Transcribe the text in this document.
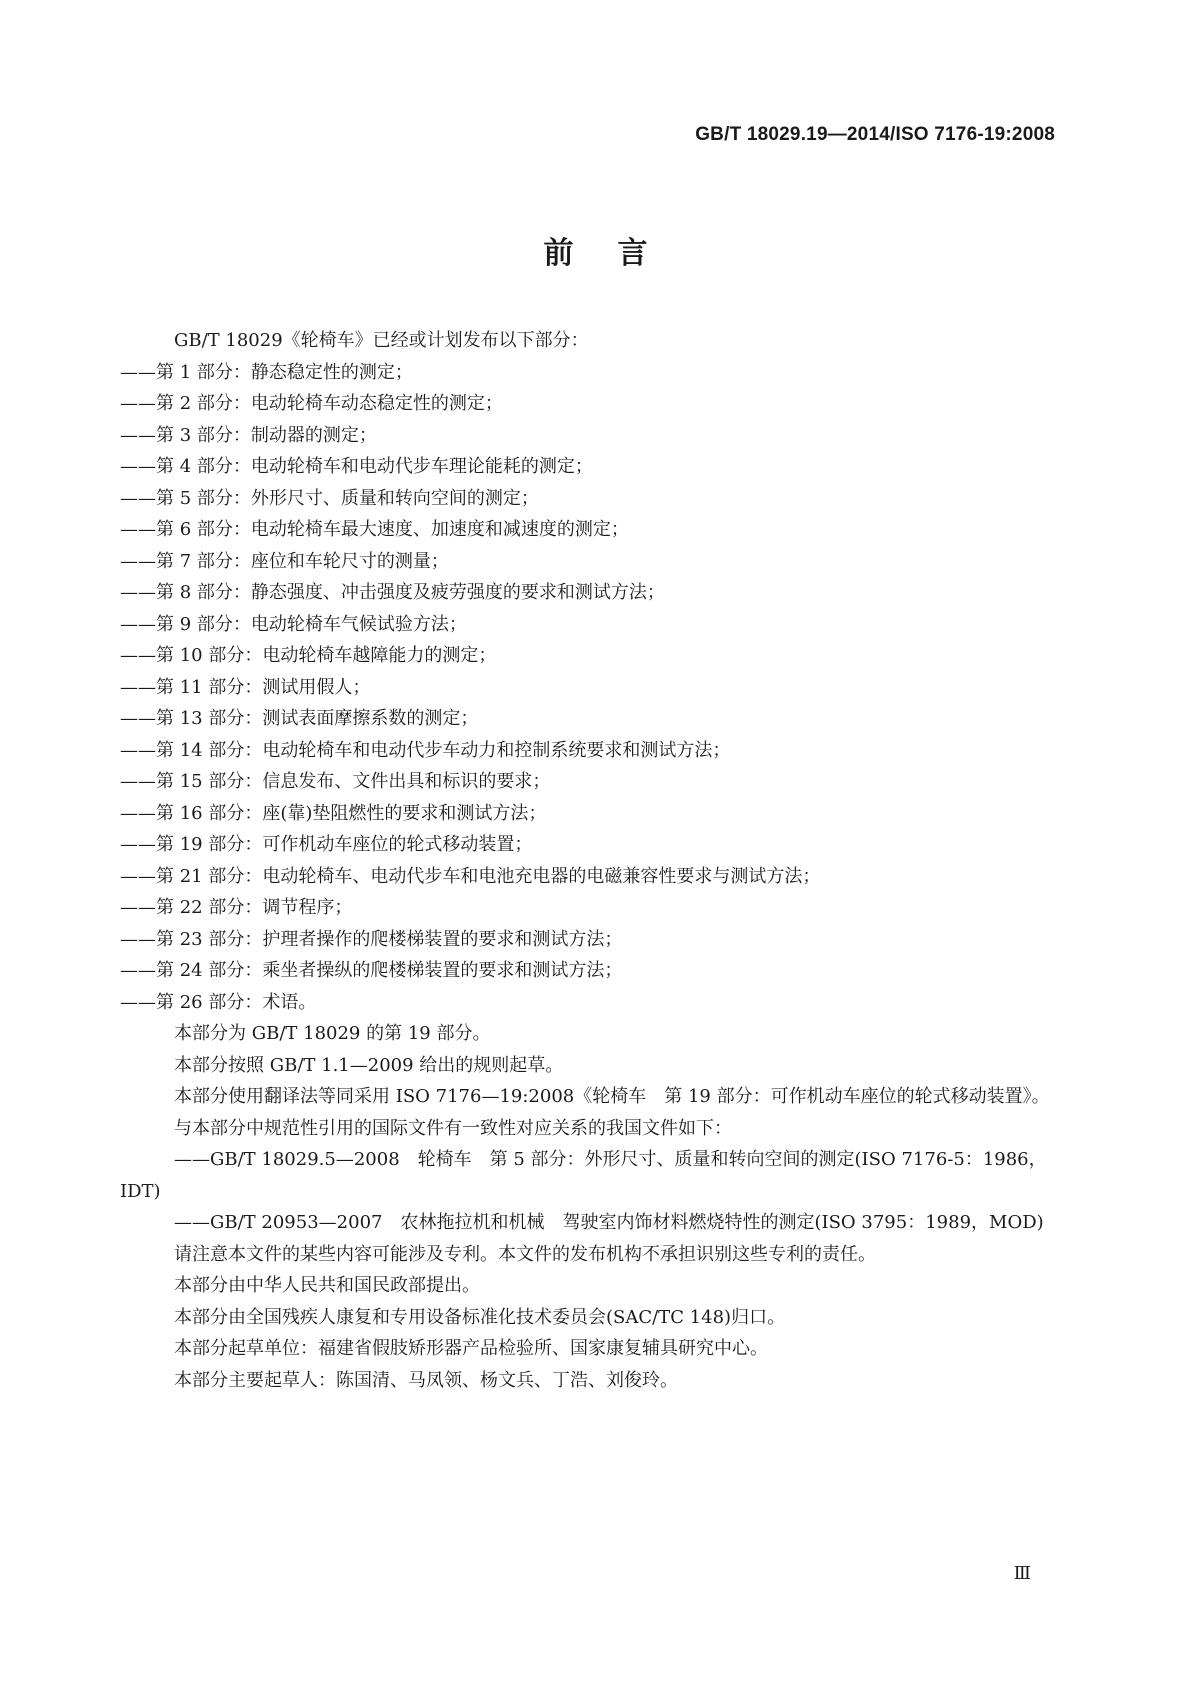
GB/T 18029.19—2014/ISO 7176-19:2008
前言

GB/T 18029《轮椅车》已经或计划发布以下部分：

——第 1 部分：静态稳定性的测定；

——第 2 部分：电动轮椅车动态稳定性的测定；

——第 3 部分：制动器的测定；

——第 4 部分：电动轮椅车和电动代步车理论能耗的测定；

——第 5 部分：外形尺寸、质量和转向空间的测定；

——第 6 部分：电动轮椅车最大速度、加速度和减速度的测定；

——第 7 部分：座位和车轮尺寸的测量；

——第 8 部分：静态强度、冲击强度及疲劳强度的要求和测试方法；

——第 9 部分：电动轮椅车气候试验方法；

——第 10 部分：电动轮椅车越障能力的测定；

——第 11 部分：测试用假人；

——第 13 部分：测试表面摩擦系数的测定；

——第 14 部分：电动轮椅车和电动代步车动力和控制系统要求和测试方法；

——第 15 部分：信息发布、文件出具和标识的要求；

——第 16 部分：座(靠)垫阻燃性的要求和测试方法；

——第 19 部分：可作机动车座位的轮式移动装置；

——第 21 部分：电动轮椅车、电动代步车和电池充电器的电磁兼容性要求与测试方法；

——第 22 部分：调节程序；

——第 23 部分：护理者操作的爬楼梯装置的要求和测试方法；

——第 24 部分：乘坐者操纵的爬楼梯装置的要求和测试方法；

——第 26 部分：术语。

本部分为 GB/T 18029 的第 19 部分。

本部分按照 GB/T 1.1—2009 给出的规则起草。

本部分使用翻译法等同采用 ISO 7176—19:2008《轮椅车　第 19 部分：可作机动车座位的轮式移动装置》。

与本部分中规范性引用的国际文件有一致性对应关系的我国文件如下：

——GB/T 18029.5—2008　轮椅车　第 5 部分：外形尺寸、质量和转向空间的测定(ISO 7176-5：1986，IDT)

——GB/T 20953—2007　农林拖拉机和机械　驾驶室内饰材料燃烧特性的测定(ISO 3795：1989，MOD)

请注意本文件的某些内容可能涉及专利。本文件的发布机构不承担识别这些专利的责任。

本部分由中华人民共和国民政部提出。

本部分由全国残疾人康复和专用设备标准化技术委员会(SAC/TC 148)归口。

本部分起草单位：福建省假肢矫形器产品检验所、国家康复辅具研究中心。

本部分主要起草人：陈国清、马凤领、杨文兵、丁浩、刘俊玲。

Ⅲ
